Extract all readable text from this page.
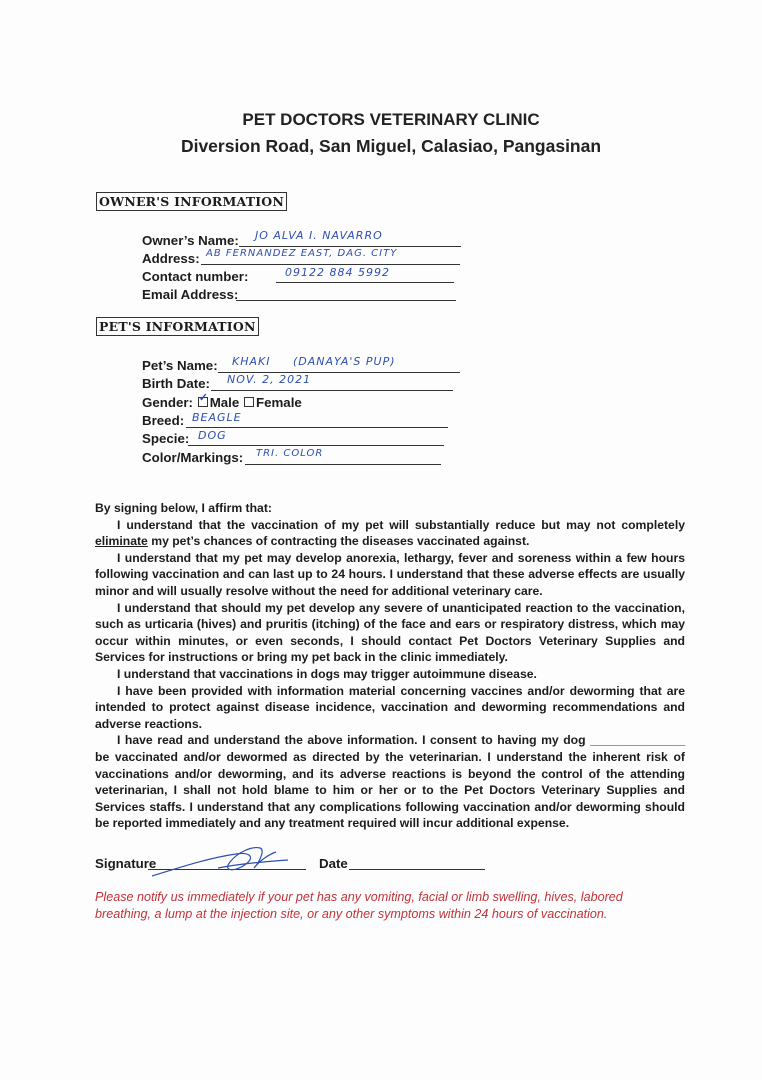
PET DOCTORS VETERINARY CLINIC
Diversion Road, San Miguel, Calasiao, Pangasinan
OWNER'S INFORMATION
Owner’s Name: JO ALVA I. NAVARRO
Address: AB FERNANDEZ EAST, DAG. CITY
Contact number:	09122 884 5992
Email Address:
PET'S INFORMATION
Pet’s Name: KHAKI     (DANAYA'S PUP)
Birth Date: NOV. 2, 2021
Gender: ✓ Male Female
Breed: BEAGLE
Specie: DOG
Color/Markings: TRI. COLOR

By signing below, I affirm that:

I understand that the vaccination of my pet will substantially reduce but may not completely eliminate my pet’s chances of contracting the diseases vaccinated against.

I understand that my pet may develop anorexia, lethargy, fever and soreness within a few hours following vaccination and can last up to 24 hours. I understand that these adverse effects are usually minor and will usually resolve without the need for additional veterinary care.

I understand that should my pet develop any severe of unanticipated reaction to the vaccination, such as urticaria (hives) and pruritis (itching) of the face and ears or respiratory distress, which may occur within minutes, or even seconds, I should contact Pet Doctors Veterinary Supplies and Services for instructions or bring my pet back in the clinic immediately.

I understand that vaccinations in dogs may trigger autoimmune disease.

I have been provided with information material concerning vaccines and/or deworming that are intended to protect against disease incidence, vaccination and deworming recommendations and adverse reactions.

I have read and understand the above information. I consent to having my dog ______________ be vaccinated and/or dewormed as directed by the veterinarian. I understand the inherent risk of vaccinations and/or deworming, and its adverse reactions is beyond the control of the attending veterinarian, I shall not hold blame to him or her or to the Pet Doctors Veterinary Supplies and Services staffs. I understand that any complications following vaccination and/or deworming should be reported immediately and any treatment required will incur additional expense.

Signature	Date
Please notify us immediately if your pet has any vomiting, facial or limb swelling, hives, labored breathing, a lump at the injection site, or any other symptoms within 24 hours of vaccination.
